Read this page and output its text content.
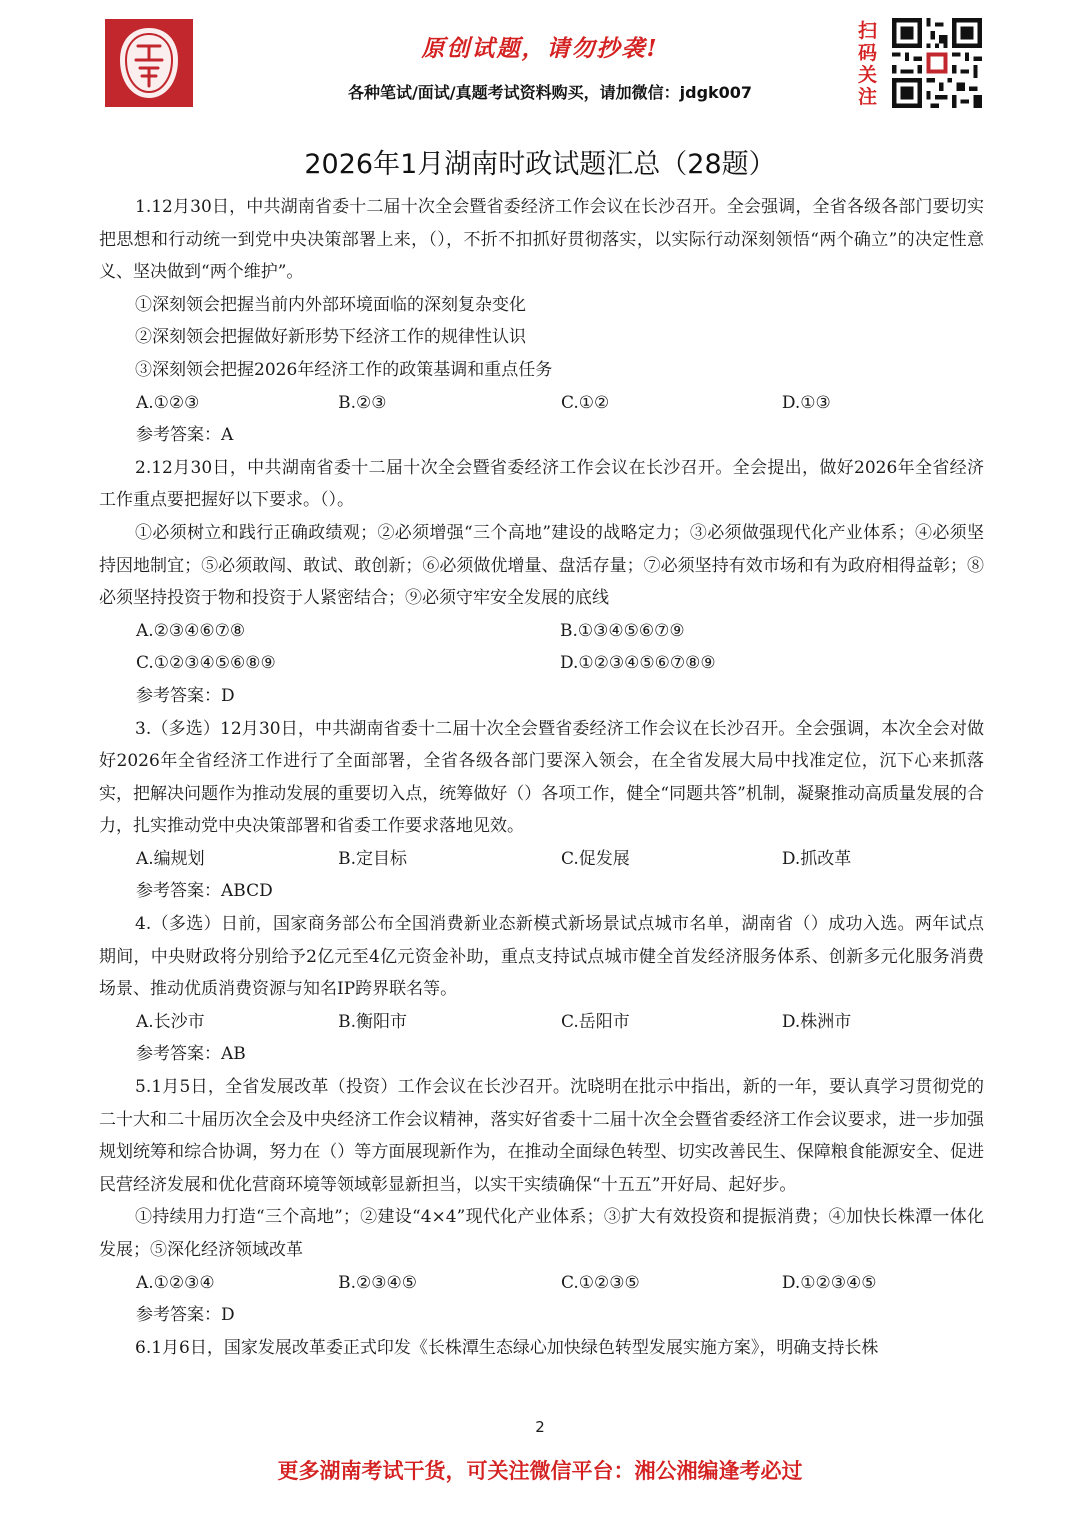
原创试题，请勿抄袭!
各种笔试/面试/真题考试资料购买，请加微信：jdgk007
扫码关注
2026年1月湖南时政试题汇总（28题）

1.12月30日，中共湖南省委十二届十次全会暨省委经济工作会议在长沙召开。全会强调，全省各级各部门要切实把思想和行动统一到党中央决策部署上来，（），不折不扣抓好贯彻落实，以实际行动深刻领悟“两个确立”的决定性意义、坚决做到“两个维护”。

①深刻领会把握当前内外部环境面临的深刻复杂变化

②深刻领会把握做好新形势下经济工作的规律性认识

③深刻领会把握2026年经济工作的政策基调和重点任务

A.①②③	B.②③	C.①②	D.①③

参考答案：A

2.12月30日，中共湖南省委十二届十次全会暨省委经济工作会议在长沙召开。全会提出，做好2026年全省经济工作重点要把握好以下要求。（）。

①必须树立和践行正确政绩观；②必须增强“三个高地”建设的战略定力；③必须做强现代化产业体系；④必须坚持因地制宜；⑤必须敢闯、敢试、敢创新；⑥必须做优增量、盘活存量；⑦必须坚持有效市场和有为政府相得益彰；⑧必须坚持投资于物和投资于人紧密结合；⑨必须守牢安全发展的底线

A.②③④⑥⑦⑧	B.①③④⑤⑥⑦⑨
C.①②③④⑤⑥⑧⑨	D.①②③④⑤⑥⑦⑧⑨

参考答案：D

3.（多选）12月30日，中共湖南省委十二届十次全会暨省委经济工作会议在长沙召开。全会强调，本次全会对做好2026年全省经济工作进行了全面部署，全省各级各部门要深入领会，在全省发展大局中找准定位，沉下心来抓落实，把解决问题作为推动发展的重要切入点，统筹做好（）各项工作，健全“同题共答”机制，凝聚推动高质量发展的合力，扎实推动党中央决策部署和省委工作要求落地见效。

A.编规划	B.定目标	C.促发展	D.抓改革

参考答案：ABCD

4.（多选）日前，国家商务部公布全国消费新业态新模式新场景试点城市名单，湖南省（）成功入选。两年试点期间，中央财政将分别给予2亿元至4亿元资金补助，重点支持试点城市健全首发经济服务体系、创新多元化服务消费场景、推动优质消费资源与知名IP跨界联名等。

A.长沙市	B.衡阳市	C.岳阳市	D.株洲市

参考答案：AB

5.1月5日，全省发展改革（投资）工作会议在长沙召开。沈晓明在批示中指出，新的一年，要认真学习贯彻党的二十大和二十届历次全会及中央经济工作会议精神，落实好省委十二届十次全会暨省委经济工作会议要求，进一步加强规划统筹和综合协调，努力在（）等方面展现新作为，在推动全面绿色转型、切实改善民生、保障粮食能源安全、促进民营经济发展和优化营商环境等领域彰显新担当，以实干实绩确保“十五五”开好局、起好步。

①持续用力打造“三个高地”；②建设“4×4”现代化产业体系；③扩大有效投资和提振消费；④加快长株潭一体化发展；⑤深化经济领域改革

A.①②③④	B.②③④⑤	C.①②③⑤	D.①②③④⑤

参考答案：D

6.1月6日，国家发展改革委正式印发《长株潭生态绿心加快绿色转型发展实施方案》，明确支持长株

2
更多湖南考试干货，可关注微信平台：湘公湘编逢考必过
